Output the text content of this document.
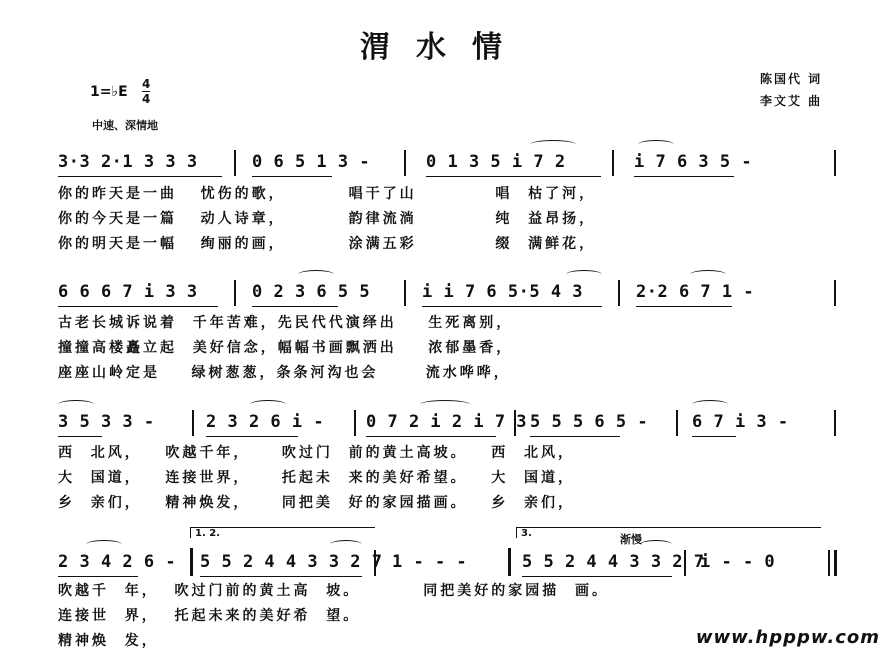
渭水情
陈国代 词
李文艾 曲
1=♭E 4
4
中速、深情地
3·3 2·1 3 3 3	0 6 5 1 3 -	0 1 3 5 i 7 2	i 7 6 3 5 -
你的昨天是一曲   忧伤的歌，        唱干了山          唱  枯了河，
你的今天是一篇   动人诗章，        韵律流淌          纯  益昂扬，
你的明天是一幅   绚丽的画，        涂满五彩          缀  满鲜花，
6 6 6 7 i 3 3	0 2 3 6 5 5	i i 7 6 5·5 4 3	2·2 6 7 1 -
古老长城诉说着  千年苦难，先民代代演绎出    生死离别，
撞撞高楼矗立起  美好信念，幅幅书画飘洒出    浓郁墨香，
座座山岭定是    绿树葱葱，条条河沟也会      流水哗哗，
3 5 3 3 -	2 3 2 6 i - 0 7 2 i 2 i 7 3 5 5 5 6 5 -	6 7 i 3 -
西  北风，   吹越千年，    吹过门  前的黄土高坡。   西  北风，
大  国道，   连接世界，    托起未  来的美好希望。   大  国道，
乡  亲们，   精神焕发，    同把美  好的家园描画。   乡  亲们，
1. 2.	3.	渐慢
2 3 4 2 6 - 5 5 2 4 4 3 3 2 7 1 - - -	5 5 2 4 4 3 3 2 7
i - - 0
吹越千  年，  吹过门前的黄土高  坡。        同把美好的家园描  画。
连接世  界，  托起未来的美好希  望。
精神焕  发，	www.hpppw.com
